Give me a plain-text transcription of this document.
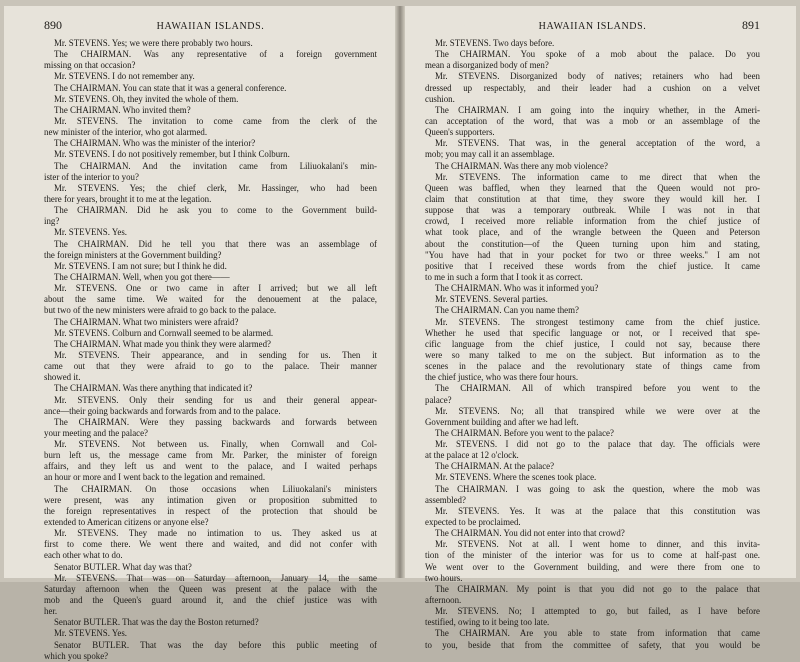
890	HAWAIIAN ISLANDS.
Mr. STEVENS. Yes; we were there probably two hours.
The CHAIRMAN. Was any representative of a foreign government
missing on that occasion?
Mr. STEVENS. I do not remember any.
The CHAIRMAN. You can state that it was a general conference.
Mr. STEVENS. Oh, they invited the whole of them.
The CHAIRMAN. Who invited them?
Mr. STEVENS. The invitation to come came from the clerk of the
new minister of the interior, who got alarmed.
The CHAIRMAN. Who was the minister of the interior?
Mr. STEVENS. I do not positively remember, but I think Colburn.
The CHAIRMAN. And the invitation came from Liliuokalani's min-
ister of the interior to you?
Mr. STEVENS. Yes; the chief clerk, Mr. Hassinger, who had been
there for years, brought it to me at the legation.
The CHAIRMAN. Did he ask you to come to the Government build-
ing?
Mr. STEVENS. Yes.
The CHAIRMAN. Did he tell you that there was an assemblage of
the foreign ministers at the Government building?
Mr. STEVENS. I am not sure; but I think he did.
The CHAIRMAN. Well, when you got there——
Mr. STEVENS. One or two came in after I arrived; but we all left
about the same time. We waited for the denouement at the palace,
but two of the new ministers were afraid to go back to the palace.
The CHAIRMAN. What two ministers were afraid?
Mr. STEVENS. Colburn and Cornwall seemed to be alarmed.
The CHAIRMAN. What made you think they were alarmed?
Mr. STEVENS. Their appearance, and in sending for us. Then it
came out that they were afraid to go to the palace. Their manner
showed it.
The CHAIRMAN. Was there anything that indicated it?
Mr. STEVENS. Only their sending for us and their general appear-
ance—their going backwards and forwards from and to the palace.
The CHAIRMAN. Were they passing backwards and forwards between
your meeting and the palace?
Mr. STEVENS. Not between us. Finally, when Cornwall and Col-
burn left us, the message came from Mr. Parker, the minister of foreign
affairs, and they left us and went to the palace, and I waited perhaps
an hour or more and I went back to the legation and remained.
The CHAIRMAN. On those occasions when Liliuokalani's ministers
were present, was any intimation given or proposition submitted to
the foreign representatives in respect of the protection that should be
extended to American citizens or anyone else?
Mr. STEVENS. They made no intimation to us. They asked us at
first to come there. We went there and waited, and did not confer with
each other what to do.
Senator BUTLER. What day was that?
Mr. STEVENS. That was on Saturday afternoon, January 14, the same
Saturday afternoon when the Queen was present at the palace with the
mob and the Queen's guard around it, and the chief justice was with
her.
Senator BUTLER. That was the day the Boston returned?
Mr. STEVENS. Yes.
Senator BUTLER. That was the day before this public meeting of
which you spoke?
HAWAIIAN ISLANDS.	891
Mr. STEVENS. Two days before.
The CHAIRMAN. You spoke of a mob about the palace. Do you
mean a disorganized body of men?
Mr. STEVENS. Disorganized body of natives; retainers who had been
dressed up respectably, and their leader had a cushion on a velvet
cushion.
The CHAIRMAN. I am going into the inquiry whether, in the Ameri-
can acceptation of the word, that was a mob or an assemblage of the
Queen's supporters.
Mr. STEVENS. That was, in the general acceptation of the word, a
mob; you may call it an assemblage.
The CHAIRMAN. Was there any mob violence?
Mr. STEVENS. The information came to me direct that when the
Queen was baffled, when they learned that the Queen would not pro-
claim that constitution at that time, they swore they would kill her. I
suppose that was a temporary outbreak. While I was not in that
crowd, I received more reliable information from the chief justice of
what took place, and of the wrangle between the Queen and Peterson
about the constitution—of the Queen turning upon him and stating,
"You have had that in your pocket for two or three weeks." I am not
positive that I received these words from the chief justice. It came
to me in such a form that I took it as correct.
The CHAIRMAN. Who was it informed you?
Mr. STEVENS. Several parties.
The CHAIRMAN. Can you name them?
Mr. STEVENS. The strongest testimony came from the chief justice.
Whether he used that specific language or not, or I received that spe-
cific language from the chief justice, I could not say, because there
were so many talked to me on the subject. But information as to the
scenes in the palace and the revolutionary state of things came from
the chief justice, who was there four hours.
The CHAIRMAN. All of which transpired before you went to the
palace?
Mr. STEVENS. No; all that transpired while we were over at the
Government building and after we had left.
The CHAIRMAN. Before you went to the palace?
Mr. STEVENS. I did not go to the palace that day. The officials were
at the palace at 12 o'clock.
The CHAIRMAN. At the palace?
Mr. STEVENS. Where the scenes took place.
The CHAIRMAN. I was going to ask the question, where the mob was
assembled?
Mr. STEVENS. Yes. It was at the palace that this constitution was
expected to be proclaimed.
The CHAIRMAN. You did not enter into that crowd?
Mr. STEVENS. Not at all. I went home to dinner, and this invita-
tion of the minister of the interior was for us to come at half-past one.
We went over to the Government building, and were there from one to
two hours.
The CHAIRMAN. My point is that you did not go to the palace that
afternoon.
Mr. STEVENS. No; I attempted to go, but failed, as I have before
testified, owing to it being too late.
The CHAIRMAN. Are you able to state from information that came
to you, beside that from the committee of safety, that you would be
